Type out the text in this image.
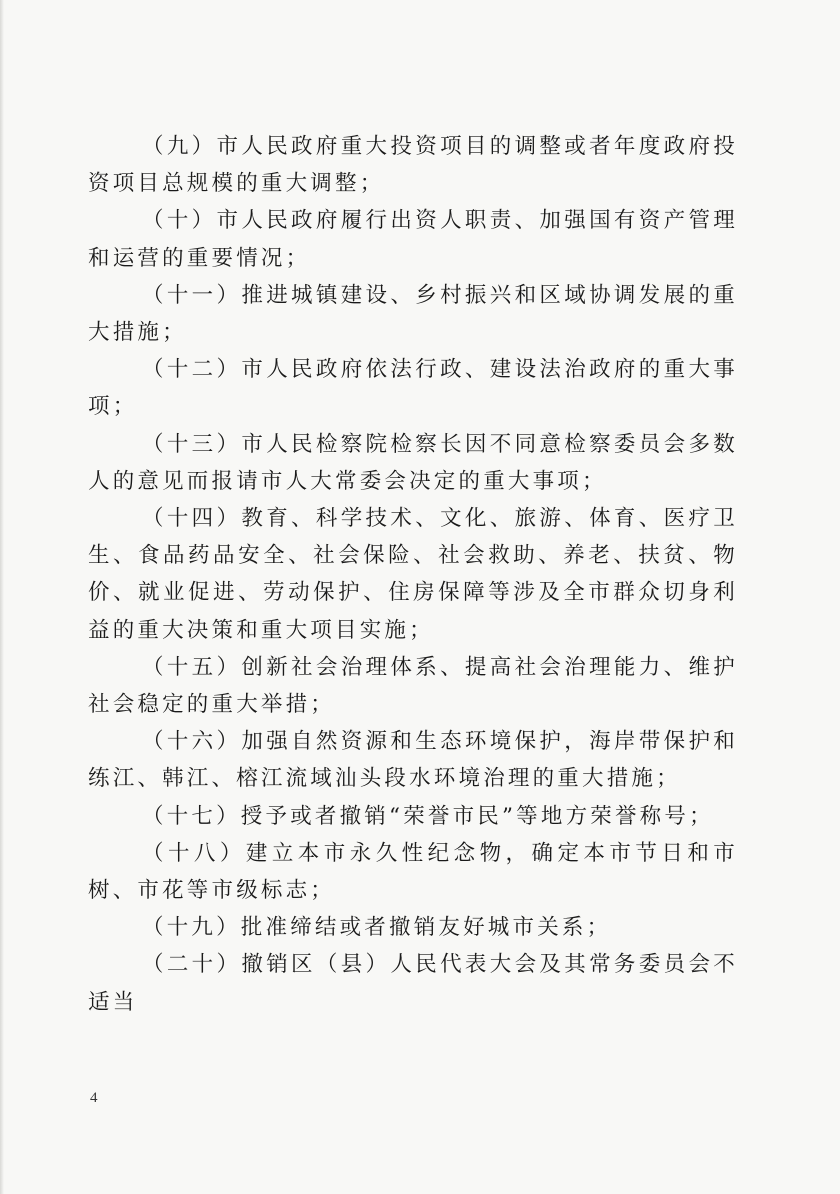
（九）市人民政府重大投资项目的调整或者年度政府投资项目总规模的重大调整；

（十）市人民政府履行出资人职责、加强国有资产管理和运营的重要情况；

（十一）推进城镇建设、乡村振兴和区域协调发展的重大措施；

（十二）市人民政府依法行政、建设法治政府的重大事项；

（十三）市人民检察院检察长因不同意检察委员会多数人的意见而报请市人大常委会决定的重大事项；

（十四）教育、科学技术、文化、旅游、体育、医疗卫生、食品药品安全、社会保险、社会救助、养老、扶贫、物价、就业促进、劳动保护、住房保障等涉及全市群众切身利益的重大决策和重大项目实施；

（十五）创新社会治理体系、提高社会治理能力、维护社会稳定的重大举措；

（十六）加强自然资源和生态环境保护，海岸带保护和练江、韩江、榕江流域汕头段水环境治理的重大措施；

（十七）授予或者撤销“荣誉市民”等地方荣誉称号；

（十八）建立本市永久性纪念物，确定本市节日和市树、市花等市级标志；

（十九）批准缔结或者撤销友好城市关系；

（二十）撤销区（县）人民代表大会及其常务委员会不适当

4
